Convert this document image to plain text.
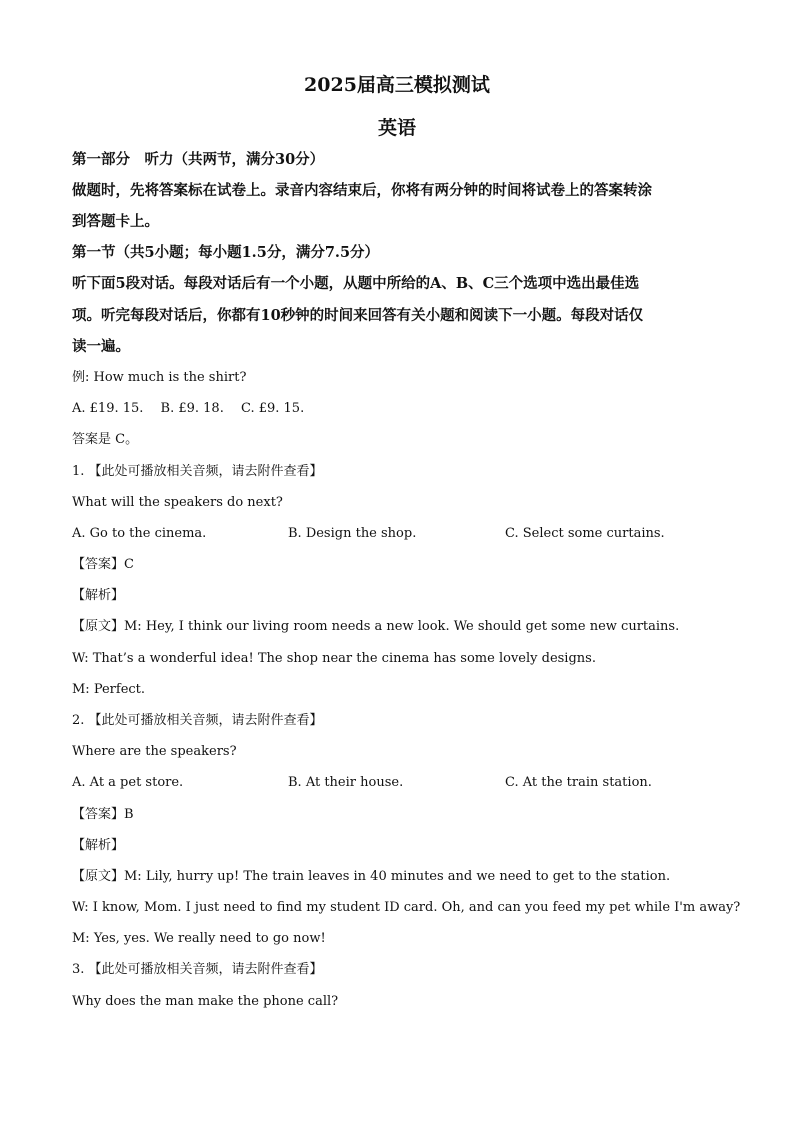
2025届高三模拟测试
英语
第一部分　听力（共两节，满分30分）
做题时，先将答案标在试卷上。录音内容结束后，你将有两分钟的时间将试卷上的答案转涂
到答题卡上。
第一节（共5小题；每小题1.5分，满分7.5分）
听下面5段对话。每段对话后有一个小题，从题中所给的A、B、C三个选项中选出最佳选
项。听完每段对话后，你都有10秒钟的时间来回答有关小题和阅读下一小题。每段对话仅
读一遍。
例: How much is the shirt?
A. £19. 15.　 B. £9. 18.　 C. £9. 15.
答案是 C。
1. 【此处可播放相关音频，请去附件查看】
What will the speakers do next?
A. Go to the cinema.	B. Design the shop.	C. Select some curtains.
【答案】C
【解析】
【原文】M: Hey, I think our living room needs a new look. We should get some new curtains.
W: That’s a wonderful idea! The shop near the cinema has some lovely designs.
M: Perfect.
2. 【此处可播放相关音频，请去附件查看】
Where are the speakers?
A. At a pet store.	B. At their house.	C. At the train station.
【答案】B
【解析】
【原文】M: Lily, hurry up! The train leaves in 40 minutes and we need to get to the station.
W: I know, Mom. I just need to find my student ID card. Oh, and can you feed my pet while I'm away?
M: Yes, yes. We really need to go now!
3. 【此处可播放相关音频，请去附件查看】
Why does the man make the phone call?
